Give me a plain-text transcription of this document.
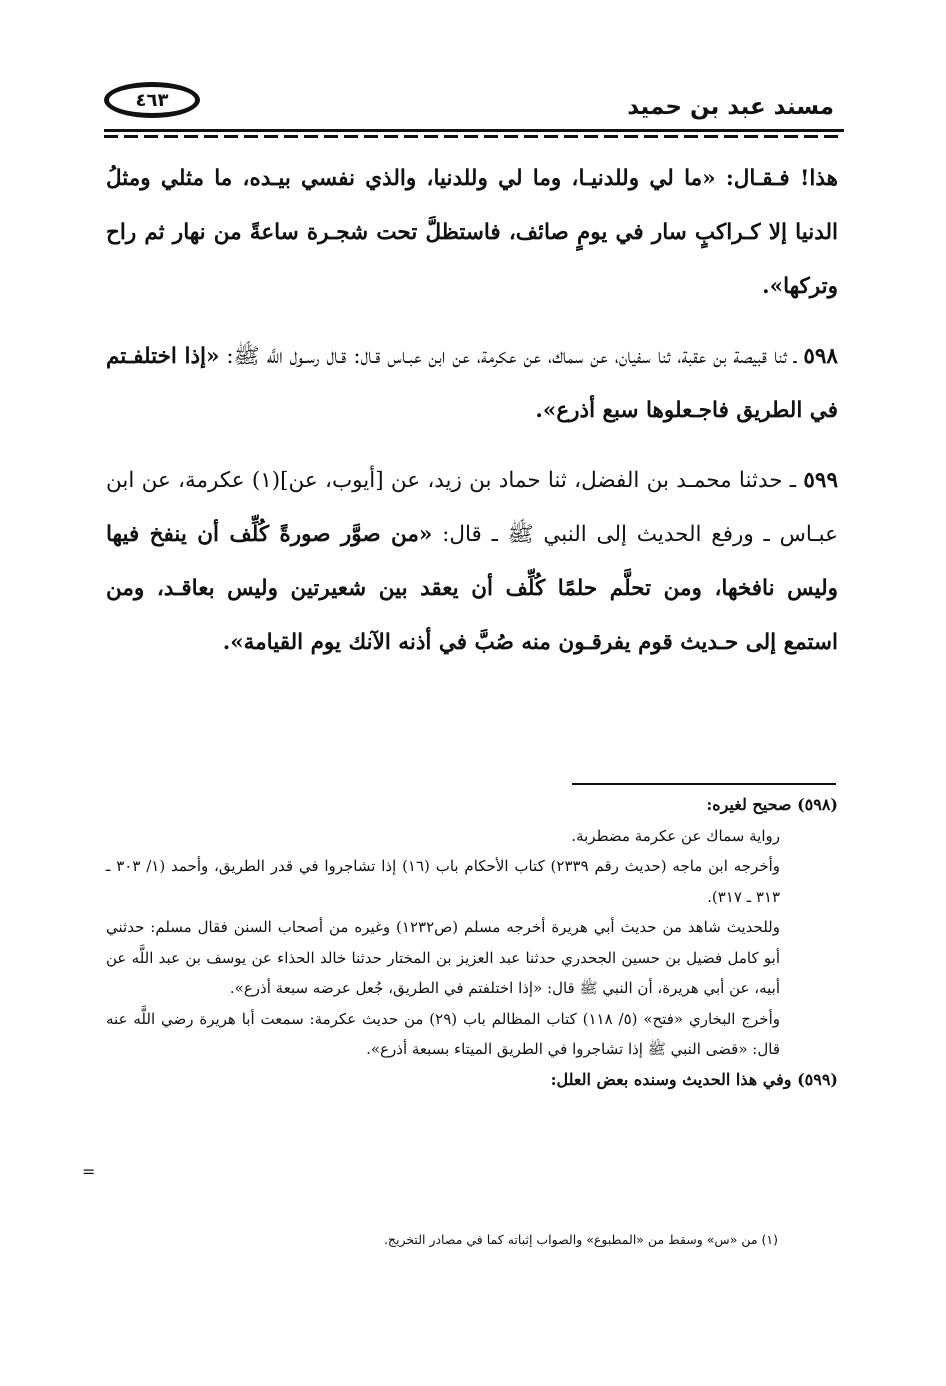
مسند عبد بن حميد
٤٦٣

هذا! فـقـال: «ما لي وللدنيـا، وما لي وللدنيا، والذي نفسي بيـده، ما مثلي ومثلُ الدنيا إلا كـراكبٍ سار في يومٍ صائف، فاستظلَّ تحت شجـرة ساعةً من نهار ثم راح وتركها».

٥٩٨ ـ ثنا قبيصة بن عقبة، ثنا سفيان، عن سماك، عن عكرمة، عن ابن عبـاس قـال: قـال رسـول اللَّه ﷺ: «إذا اختلفـتم في الطريق فاجـعلوها سبع أذرع».

٥٩٩ ـ حدثنا محمـد بن الفضل، ثنا حماد بن زيد، عن [أيوب، عن](١) عكرمة، عن ابن عبـاس ـ ورفع الحديث إلى النبي ﷺ ـ قال: «من صوَّر صورةً كُلِّف أن ينفخ فيها وليس نافخها، ومن تحلَّم حلمًا كُلِّف أن يعقد بين شعيرتين وليس بعاقـد، ومن استمع إلى حـديث قوم يفرقـون منه صُبَّ في أذنه الآنك يوم القيامة».

(٥٩٨) صحيح لغيره:

رواية سماك عن عكرمة مضطربة.

وأخرجه ابن ماجه (حديث رقم ٢٣٣٩) كتاب الأحكام باب (١٦) إذا تشاجروا في قدر الطريق، وأحمد (١/ ٣٠٣ ـ ٣١٣ ـ ٣١٧).

وللحديث شاهد من حديث أبي هريرة أخرجه مسلم (ص١٢٣٢) وغيره من أصحاب السنن فقال مسلم: حدثني أبو كامل فضيل بن حسين الجحدري حدثنا عبد العزيز بن المختار حدثنا خالد الحذاء عن يوسف بن عبد اللَّه عن أبيه، عن أبي هريرة، أن النبي ﷺ قال: «إذا اختلفتم في الطريق، جُعل عرضه سبعة أذرع».

وأخرج البخاري «فتح» (٥/ ١١٨) كتاب المظالم باب (٢٩) من حديث عكرمة: سمعت أبا هريرة رضي اللَّه عنه قال: «قضى النبي ﷺ إذا تشاجروا في الطريق الميتاء بسبعة أذرع».

(٥٩٩) وفي هذا الحديث وسنده بعض العلل:

=
(١) من «س» وسقط من «المطبوع» والصواب إثباته كما في مصادر التخريج.
